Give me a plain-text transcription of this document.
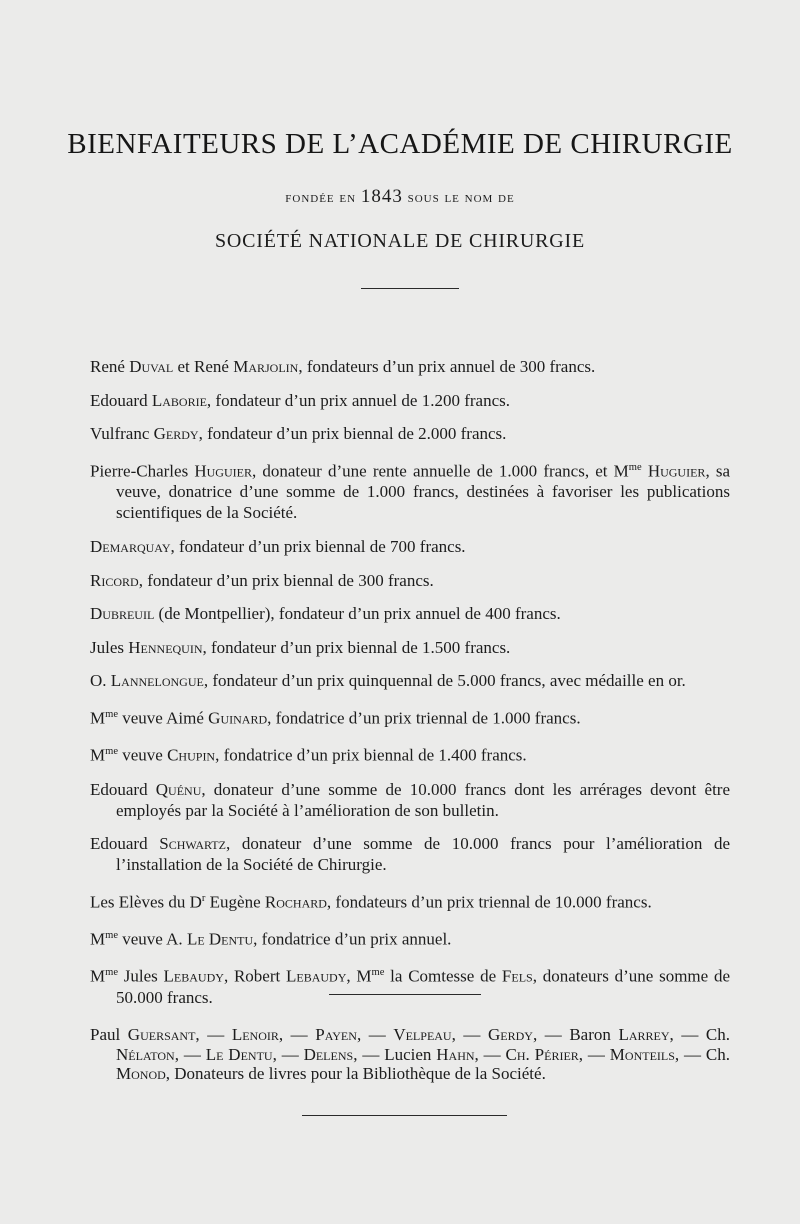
BIENFAITEURS DE L’ACADÉMIE DE CHIRURGIE
fondée en 1843 sous le nom de
SOCIÉTÉ NATIONALE DE CHIRURGIE

René Duval et René Marjolin, fondateurs d’un prix annuel de 300 francs.

Edouard Laborie, fondateur d’un prix annuel de 1.200 francs.

Vulfranc Gerdy, fondateur d’un prix biennal de 2.000 francs.

Pierre-Charles Huguier, donateur d’une rente annuelle de 1.000 francs, et $M^{me}$ Huguier, sa veuve, donatrice d’une somme de 1.000 francs, destinées à favoriser les publications scientifiques de la Société.

Demarquay, fondateur d’un prix biennal de 700 francs.

Ricord, fondateur d’un prix biennal de 300 francs.

Dubreuil (de Montpellier), fondateur d’un prix annuel de 400 francs.

Jules Hennequin, fondateur d’un prix biennal de 1.500 francs.

O. Lannelongue, fondateur d’un prix quinquennal de 5.000 francs, avec médaille en or.

$M^{me}$ veuve Aimé Guinard, fondatrice d’un prix triennal de 1.000 francs.

$M^{me}$ veuve Chupin, fondatrice d’un prix biennal de 1.400 francs.

Edouard Quénu, donateur d’une somme de 10.000 francs dont les arrérages devont être employés par la Société à l’amélioration de son bulletin.

Edouard Schwartz, donateur d’une somme de 10.000 francs pour l’amélioration de l’installation de la Société de Chirurgie.

Les Elèves du $D^r$ Eugène Rochard, fondateurs d’un prix triennal de 10.000 francs.

$M^{me}$ veuve A. Le Dentu, fondatrice d’un prix annuel.

$M^{me}$ Jules Lebaudy, Robert Lebaudy, $M^{me}$ la Comtesse de Fels, donateurs d’une somme de 50.000 francs.

Paul Guersant, — Lenoir, — Payen, — Velpeau, — Gerdy, — Baron Larrey, — Ch. Nélaton, — Le Dentu, — Delens, — Lucien Hahn, — Ch. Périer, — Monteils, — Ch. Monod, Donateurs de livres pour la Bibliothèque de la Société.
